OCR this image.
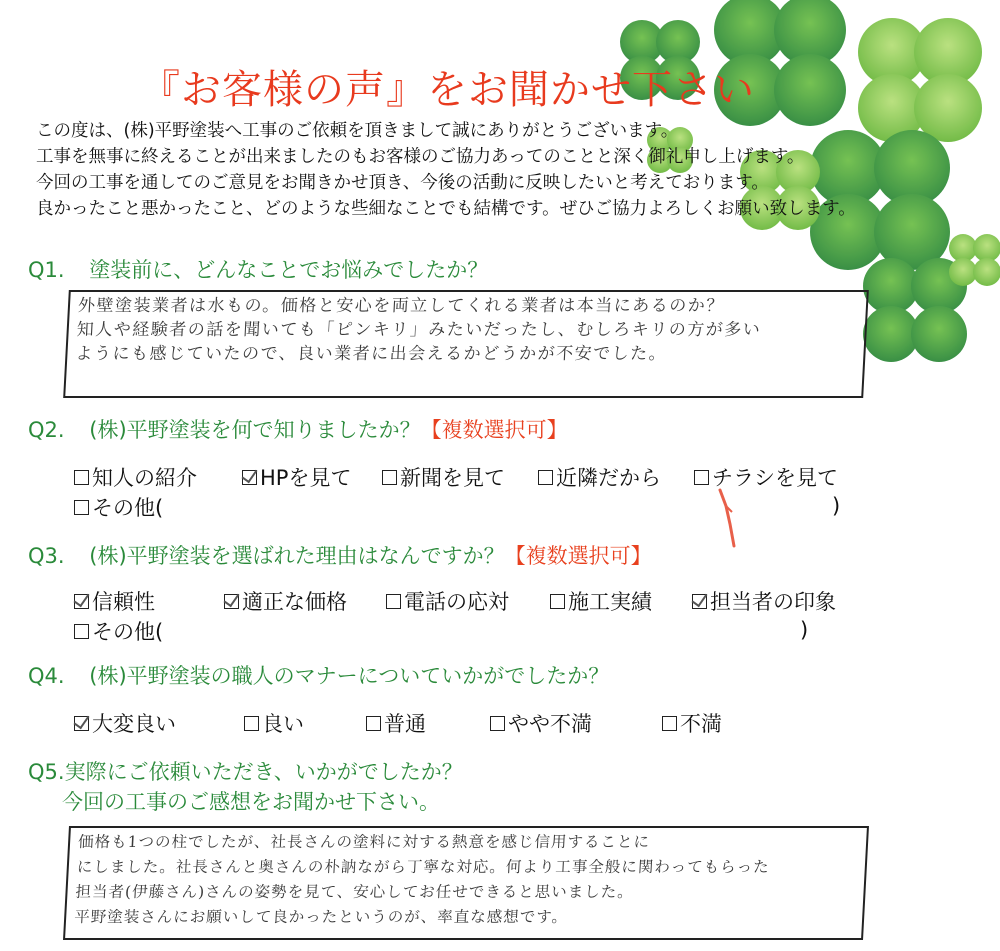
『お客様の声』をお聞かせ下さい
この度は、(株)平野塗装へ工事のご依頼を頂きまして誠にありがとうございます。
工事を無事に終えることが出来ましたのもお客様のご協力あってのことと深く御礼申し上げます。
今回の工事を通してのご意見をお聞きかせ頂き、今後の活動に反映したいと考えております。
良かったこと悪かったこと、どのような些細なことでも結構です。ぜひご協力よろしくお願い致します。
Q1. 塗装前に、どんなことでお悩みでしたか？
外壁塗装業者は水もの。価格と安心を両立してくれる業者は本当にあるのか？
知人や経験者の話を聞いても「ピンキリ」みたいだったし、むしろキリの方が多い
ようにも感じていたので、良い業者に出会えるかどうかが不安でした。
Q2. (株)平野塗装を何で知りましたか？【複数選択可】
知人の紹介	HPを見て 新聞を見て 近隣だから チラシを見て
その他(	)
Q3. (株)平野塗装を選ばれた理由はなんですか？【複数選択可】
信頼性	適正な価格	電話の応対	施工実績	担当者の印象
その他(	)
Q4. (株)平野塗装の職人のマナーについていかがでしたか？
大変良い	良い	普通	やや不満	不満
Q5.実際にご依頼いただき、いかがでしたか？
今回の工事のご感想をお聞かせ下さい。
価格も1つの柱でしたが、社長さんの塗料に対する熱意を感じ信用することに
にしました。社長さんと奥さんの朴訥ながら丁寧な対応。何より工事全般に関わってもらった
担当者(伊藤さん)さんの姿勢を見て、安心してお任せできると思いました。
平野塗装さんにお願いして良かったというのが、率直な感想です。
